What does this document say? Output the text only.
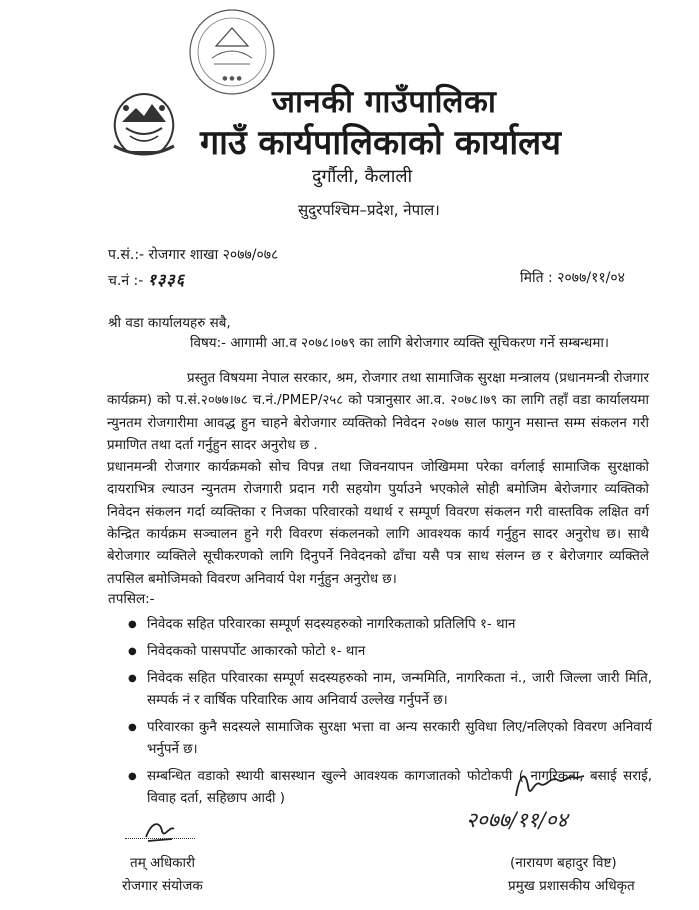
● ● ●
जानकी गाउँपालिका
गाउँ कार्यपालिकाको कार्यालय
दुर्गौली, कैलाली
सुदुरपश्चिम–प्रदेश, नेपाल।
प.सं.:- रोजगार शाखा २०७७/०७८
च.नं :- १३३६	मिति : २०७७/११/०४
श्री वडा कार्यालयहरु सबै,
विषय:- आगामी आ.व २०७८।०७९ का लागि बेरोजगार व्यक्ति सूचिकरण गर्ने सम्बन्धमा।

प्रस्तुत विषयमा नेपाल सरकार, श्रम, रोजगार तथा सामाजिक सुरक्षा मन्त्रालय (प्रधानमन्त्री रोजगार कार्यक्रम) को प.सं.२०७७।७८ च.नं./PMEP/२५८ को पत्रानुसार आ.व. २०७८।७९ का लागि तहाँ वडा कार्यालयमा न्युनतम रोजगारीमा आवद्ध हुन चाहने बेरोजगार व्यक्तिको निवेदन २०७७ साल फागुन मसान्त सम्म संकलन गरी प्रमाणित तथा दर्ता गर्नुहुन सादर अनुरोध छ .

प्रधानमन्त्री रोजगार कार्यक्रमको सोच विपन्न तथा जिवनयापन जोखिममा परेका वर्गलाई सामाजिक सुरक्षाको दायराभित्र ल्याउन न्युनतम रोजगारी प्रदान गरी सहयोग पुर्याउने भएकोले सोही बमोजिम बेरोजगार व्यक्तिको निवेदन संकलन गर्दा व्यक्तिका र निजका परिवारको यथार्थ र सम्पूर्ण विवरण संकलन गरी वास्तविक लक्षित वर्ग केन्द्रित कार्यक्रम सञ्चालन हुने गरी विवरण संकलनको लागि आवश्यक कार्य गर्नुहुन सादर अनुरोध छ। साथै बेरोजगार व्यक्तिले सूचीकरणको लागि दिनुपर्ने निवेदनको ढाँचा यसै पत्र साथ संलग्न छ र बेरोजगार व्यक्तिले तपसिल बमोजिमको विवरण अनिवार्य पेश गर्नुहुन अनुरोध छ।

तपसिल:-
● निवेदक सहित परिवारका सम्पूर्ण सदस्यहरुको नागरिकताको प्रतिलिपि १- थान
● निवेदकको पासपर्पोट आकारको फोटो १- थान
● निवेदक सहित परिवारका सम्पूर्ण सदस्यहरुको नाम, जन्ममिति, नागरिकता नं., जारी जिल्ला जारी मिति, सम्पर्क नं र वार्षिक परिवारिक आय अनिवार्य उल्लेख गर्नुपर्ने छ।
● परिवारका कुनै सदस्यले सामाजिक सुरक्षा भत्ता वा अन्य सरकारी सुविधा लिए/नलिएको विवरण अनिवार्य भर्नुपर्ने छ।
● सम्बन्धित वडाको स्थायी बासस्थान खुल्ने आवश्यक कागजातको फोटोकपी ( नागरिकता, बसाई सराई, विवाह दर्ता, सहिछाप आदी )
तम् अधिकारी
रोजगार संयोजक
२०७७/११/०४
(नारायण बहादुर विष्ट)
प्रमुख प्रशासकीय अधिकृत
